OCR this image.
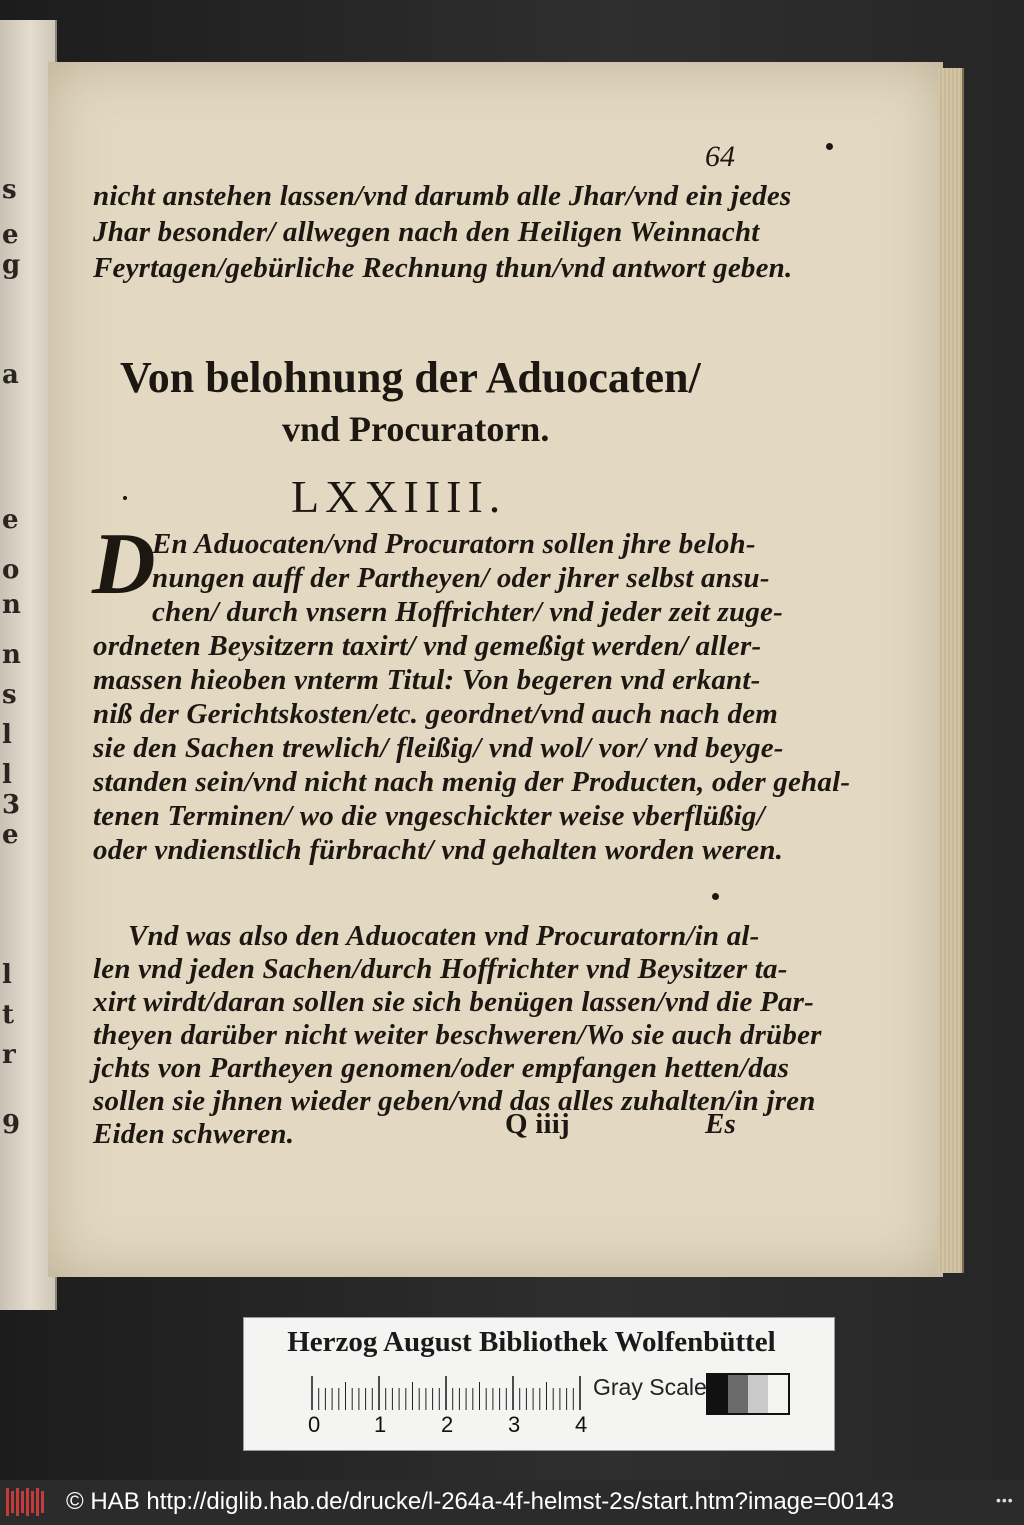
s
e
g
a
e
o
n
n
s
l
l
3
e
l
t
r
9
64
nicht anstehen lassen/vnd darumb alle Jhar/vnd ein jedes
Jhar besonder/ allwegen nach den Heiligen Weinnacht
Feyrtagen/gebürliche Rechnung thun/vnd antwort geben.
Von belohnung der Aduocaten/
vnd Procuratorn.
LXXIIII.
D
En Aduocaten/vnd Procuratorn sollen jhre beloh-
nungen auff der Partheyen/ oder jhrer selbst ansu-
chen/ durch vnsern Hoffrichter/ vnd jeder zeit zuge-
ordneten Beysitzern taxirt/ vnd gemeßigt werden/ aller-
massen hieoben vnterm Titul: Von begeren vnd erkant-
niß der Gerichtskosten/etc. geordnet/vnd auch nach dem
sie den Sachen trewlich/ fleißig/ vnd wol/ vor/ vnd beyge-
standen sein/vnd nicht nach menig der Producten, oder gehal-
tenen Terminen/ wo die vngeschickter weise vberflüßig/
oder vndienstlich fürbracht/ vnd gehalten worden weren.
Vnd was also den Aduocaten vnd Procuratorn/in al-
len vnd jeden Sachen/durch Hoffrichter vnd Beysitzer ta-
xirt wirdt/daran sollen sie sich benügen lassen/vnd die Par-
theyen darüber nicht weiter beschweren/Wo sie auch drüber
jchts von Partheyen genomen/oder empfangen hetten/das
sollen sie jhnen wieder geben/vnd das alles zuhalten/in jren
Eiden schweren.	Q iiij	Es
Herzog August Bibliothek Wolfenbüttel
0 1 2 3 4
Gray Scale
© HAB http://diglib.hab.de/drucke/l-264a-4f-helmst-2s/start.htm?image=00143	•••
